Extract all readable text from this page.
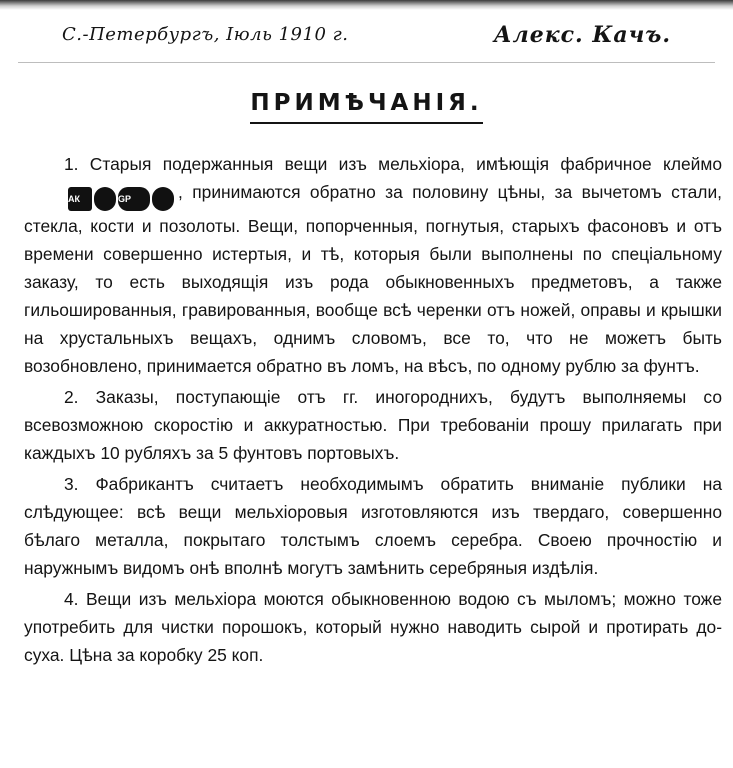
С.-Петербургъ, Іюль 1910 г.	Алекс. Качъ.
ПРИМѢЧАНІЯ.

1. Старыя подержанныя вещи изъ мельхіора, имѣющія фабричное клеймоАК	GP	, принимаются обратно за половину цѣны, за вычетомъ стали, стекла, кости и позолоты. Вещи, попорченныя, погнутыя, старыхъ фасоновъ и отъ времени совершенно истертыя, и тѣ, которыя были выполнены по спеціальному заказу, то есть выходящія изъ рода обыкновенныхъ предметовъ, а также гильошированныя, гравированныя, вообще всѣ черенки отъ ножей, оправы и крышки на хрустальныхъ вещахъ, однимъ словомъ, все то, что не можетъ быть возобновлено, принимается обратно въ ломъ, на вѣсъ, по одному рублю за фунтъ.

2. Заказы, поступающіе отъ гг. иногороднихъ, будутъ выполняемы со всевозможною скоростію и аккуратностью. При требованіи прошу прилагать при каждыхъ 10 рубляхъ за 5 фунтовъ портовыхъ.

3. Фабрикантъ считаетъ необходимымъ обратить вниманіе публики на слѣдующее: всѣ вещи мельхіоровыя изготовляются изъ твердаго, совершенно бѣлаго металла, покрытаго толстымъ слоемъ серебра. Своею прочностію и наружнымъ видомъ онѣ вполнѣ могутъ замѣнить серебряныя издѣлія.

4. Вещи изъ мельхіора моются обыкновенною водою съ мыломъ; можно тоже употребить для чистки порошокъ, который нужно наводить сырой и протирать до-суха. Цѣна за коробку 25 коп.
